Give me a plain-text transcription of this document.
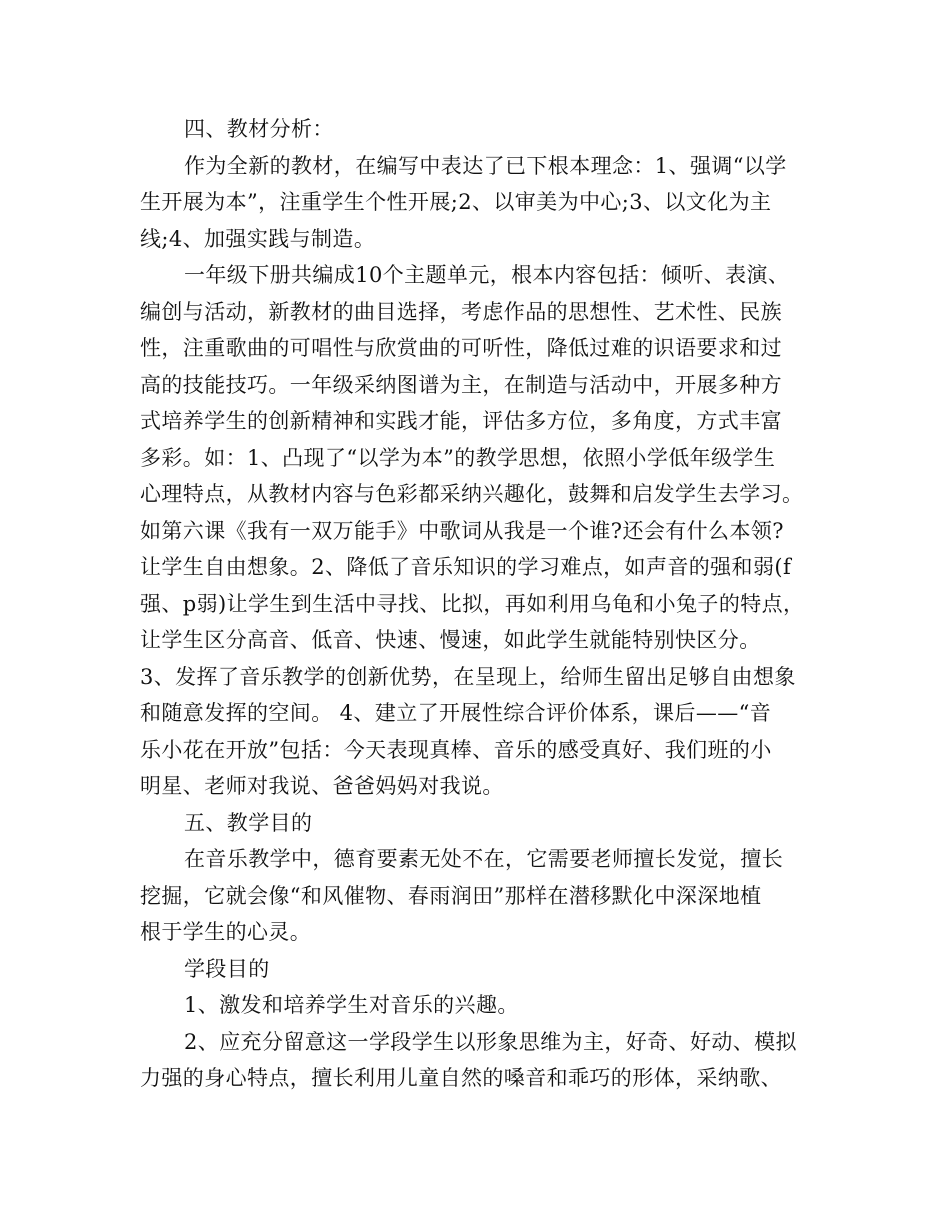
四、教材分析：
作为全新的教材，在编写中表达了已下根本理念：1、强调“以学
生开展为本”，注重学生个性开展;2、以审美为中心;3、以文化为主
线;4、加强实践与制造。
一年级下册共编成10个主题单元，根本内容包括：倾听、表演、
编创与活动，新教材的曲目选择，考虑作品的思想性、艺术性、民族
性，注重歌曲的可唱性与欣赏曲的可听性，降低过难的识语要求和过
高的技能技巧。一年级采纳图谱为主，在制造与活动中，开展多种方
式培养学生的创新精神和实践才能，评估多方位，多角度，方式丰富
多彩。如：1、凸现了“以学为本”的教学思想，依照小学低年级学生
心理特点，从教材内容与色彩都采纳兴趣化，鼓舞和启发学生去学习。
如第六课《我有一双万能手》中歌词从我是一个谁?还会有什么本领?
让学生自由想象。2、降低了音乐知识的学习难点，如声音的强和弱(f
强、p弱)让学生到生活中寻找、比拟，再如利用乌龟和小兔子的特点，
让学生区分高音、低音、快速、慢速，如此学生就能特别快区分。
3、发挥了音乐教学的创新优势，在呈现上，给师生留出足够自由想象
和随意发挥的空间。 4、建立了开展性综合评价体系，课后——“音
乐小花在开放”包括：今天表现真棒、音乐的感受真好、我们班的小
明星、老师对我说、爸爸妈妈对我说。
五、教学目的
在音乐教学中，德育要素无处不在，它需要老师擅长发觉，擅长
挖掘，它就会像“和风催物、春雨润田”那样在潜移默化中深深地植
根于学生的心灵。
学段目的
1、激发和培养学生对音乐的兴趣。
2、应充分留意这一学段学生以形象思维为主，好奇、好动、模拟
力强的身心特点，擅长利用儿童自然的嗓音和乖巧的形体，采纳歌、
